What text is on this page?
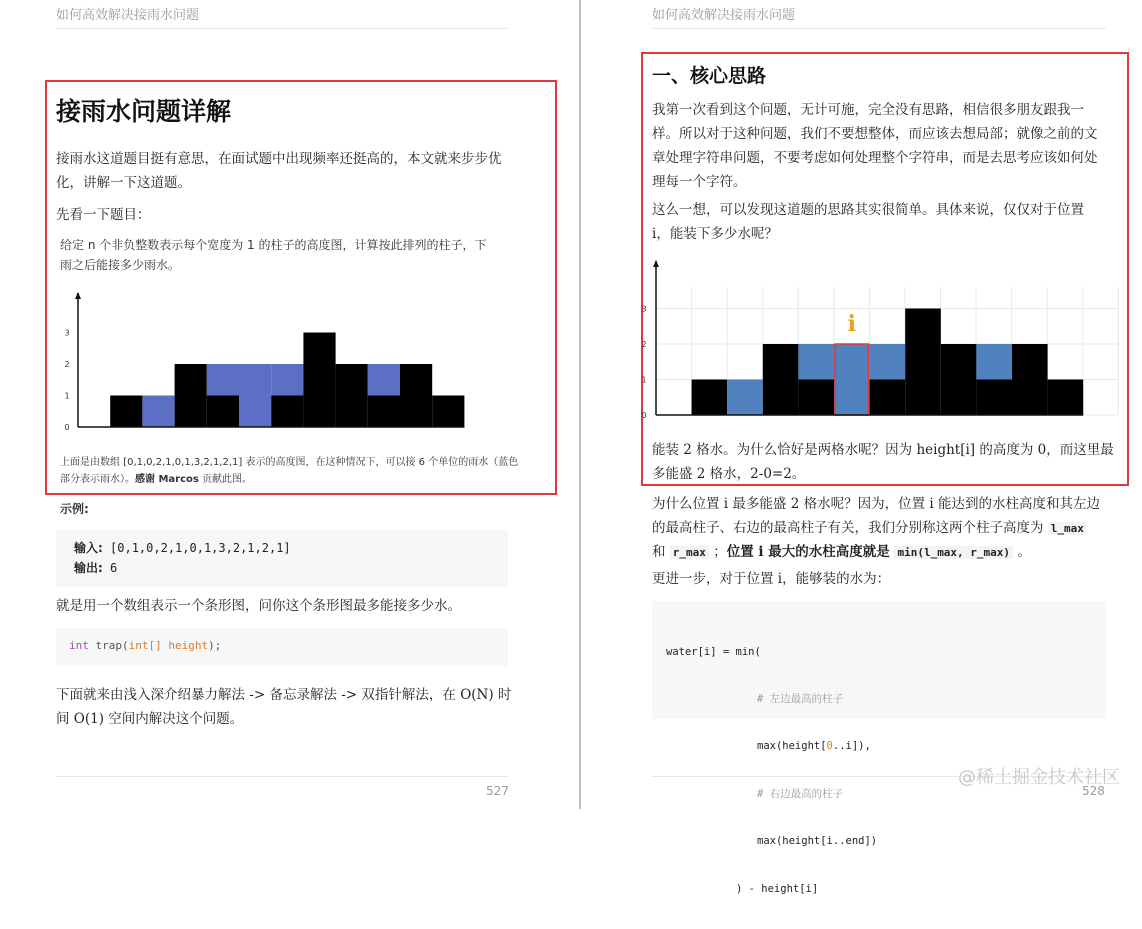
如何高效解决接雨水问题
接雨水问题详解
接雨水这道题目挺有意思，在面试题中出现频率还挺高的，本文就来步步优化，讲解一下这道题。
先看一下题目：
给定 n 个非负整数表示每个宽度为 1 的柱子的高度图，计算按此排列的柱子，下
雨之后能接多少雨水。
0
1
2
3
上面是由数组 [0,1,0,2,1,0,1,3,2,1,2,1] 表示的高度图，在这种情况下，可以接 6 个单位的雨水（蓝色
部分表示雨水）。感谢 Marcos 贡献此图。
示例:
输入: [0,1,0,2,1,0,1,3,2,1,2,1]
输出: 6
就是用一个数组表示一个条形图，问你这个条形图最多能接多少水。
int trap(int[] height);
下面就来由浅入深介绍暴力解法 -> 备忘录解法 -> 双指针解法，在 O(N) 时
间 O(1) 空间内解决这个问题。
527
如何高效解决接雨水问题
一、核心思路
我第一次看到这个问题，无计可施，完全没有思路，相信很多朋友跟我一
样。所以对于这种问题，我们不要想整体，而应该去想局部；就像之前的文
章处理字符串问题，不要考虑如何处理整个字符串，而是去思考应该如何处
理每一个字符。
这么一想，可以发现这道题的思路其实很简单。具体来说，仅仅对于位置
i，能装下多少水呢？
i
0
1
2
3
能装 2 格水。为什么恰好是两格水呢？因为 height[i] 的高度为 0，而这里最
多能盛 2 格水，2-0=2。
为什么位置 i 最多能盛 2 格水呢？因为，位置 i 能达到的水柱高度和其左边
的最高柱子、右边的最高柱子有关，我们分别称这两个柱子高度为 l_max
和 r_max ；位置 i 最大的水柱高度就是 min(l_max, r_max) 。
更进一步，对于位置 i，能够装的水为：

water[i] = min(

# 左边最高的柱子

max(height[0..i]),

# 右边最高的柱子

max(height[i..end])

) - height[i]

528
@稀土掘金技术社区
